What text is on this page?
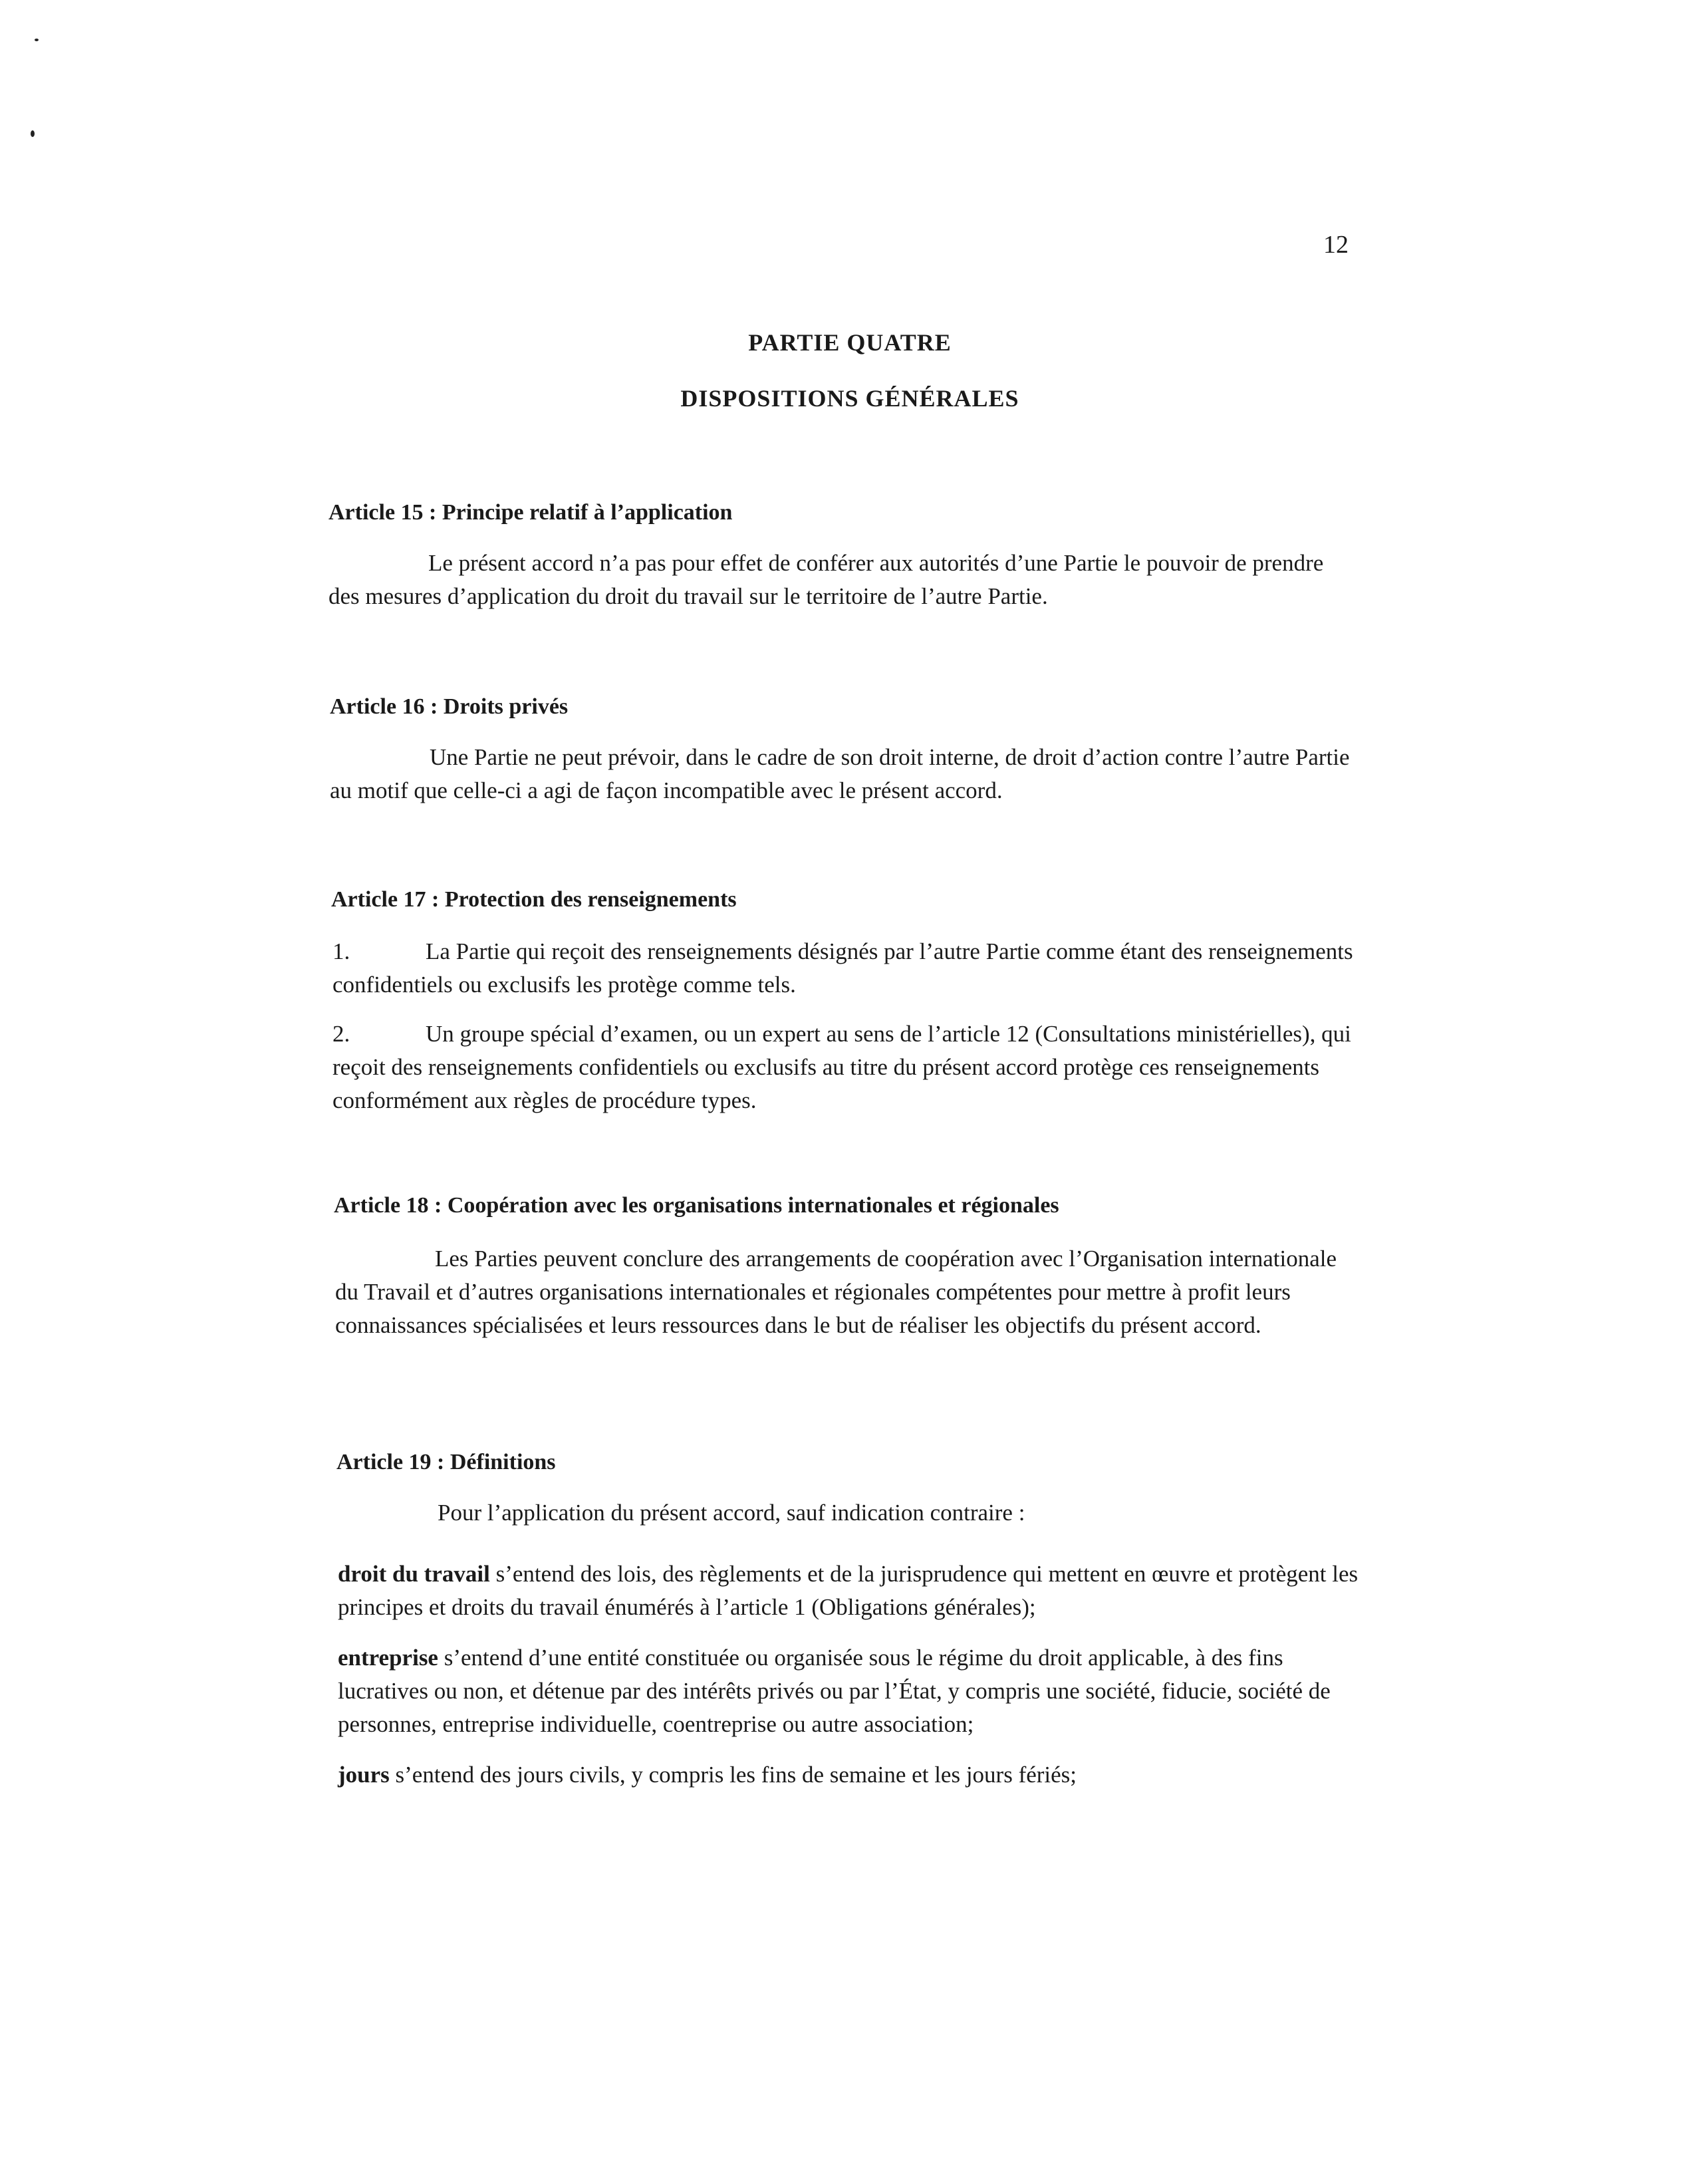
12
PARTIE QUATRE
DISPOSITIONS GÉNÉRALES
Article 15 : Principe relatif à l’application
Le présent accord n’a pas pour effet de conférer aux autorités d’une Partie le pouvoir de prendre des mesures d’application du droit du travail sur le territoire de l’autre Partie.
Article 16 : Droits privés
Une Partie ne peut prévoir, dans le cadre de son droit interne, de droit d’action contre l’autre Partie au motif que celle-ci a agi de façon incompatible avec le présent accord.
Article 17 : Protection des renseignements
1.	La Partie qui reçoit des renseignements désignés par l’autre Partie comme étant des renseignements confidentiels ou exclusifs les protège comme tels.
2.	Un groupe spécial d’examen, ou un expert au sens de l’article 12 (Consultations ministérielles), qui reçoit des renseignements confidentiels ou exclusifs au titre du présent accord protège ces renseignements conformément aux règles de procédure types.
Article 18 : Coopération avec les organisations internationales et régionales
Les Parties peuvent conclure des arrangements de coopération avec l’Organisation internationale du Travail et d’autres organisations internationales et régionales compétentes pour mettre à profit leurs connaissances spécialisées et leurs ressources dans le but de réaliser les objectifs du présent accord.
Article 19 : Définitions
Pour l’application du présent accord, sauf indication contraire :
droit du travail s’entend des lois, des règlements et de la jurisprudence qui mettent en œuvre et protègent les principes et droits du travail énumérés à l’article 1 (Obligations générales);
entreprise s’entend d’une entité constituée ou organisée sous le régime du droit applicable, à des fins lucratives ou non, et détenue par des intérêts privés ou par l’État, y compris une société, fiducie, société de personnes, entreprise individuelle, coentreprise ou autre association;
jours s’entend des jours civils, y compris les fins de semaine et les jours fériés;
